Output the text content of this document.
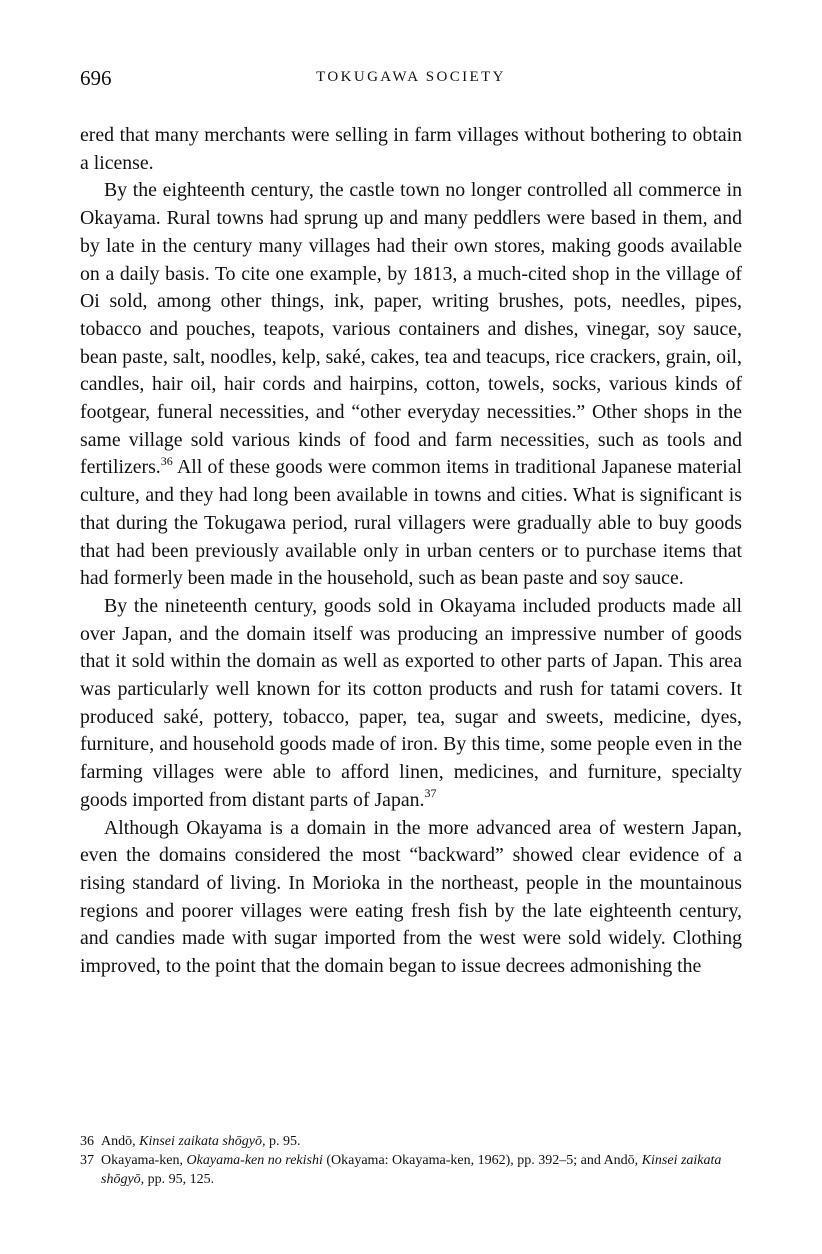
696	TOKUGAWA SOCIETY

ered that many merchants were selling in farm villages without bothering to obtain a license.

By the eighteenth century, the castle town no longer controlled all commerce in Okayama. Rural towns had sprung up and many peddlers were based in them, and by late in the century many villages had their own stores, making goods available on a daily basis. To cite one example, by 1813, a much-cited shop in the village of Oi sold, among other things, ink, paper, writing brushes, pots, needles, pipes, tobacco and pouches, teapots, various containers and dishes, vinegar, soy sauce, bean paste, salt, noodles, kelp, saké, cakes, tea and teacups, rice crackers, grain, oil, candles, hair oil, hair cords and hairpins, cotton, towels, socks, various kinds of footgear, funeral necessities, and “other everyday necessities.” Other shops in the same village sold various kinds of food and farm necessities, such as tools and fertilizers.$^{36}$ All of these goods were common items in traditional Japanese material culture, and they had long been available in towns and cities. What is significant is that during the Tokugawa period, rural villagers were gradually able to buy goods that had been previously available only in urban centers or to purchase items that had formerly been made in the household, such as bean paste and soy sauce.

By the nineteenth century, goods sold in Okayama included products made all over Japan, and the domain itself was producing an impressive number of goods that it sold within the domain as well as exported to other parts of Japan. This area was particularly well known for its cotton products and rush for tatami covers. It produced saké, pottery, tobacco, paper, tea, sugar and sweets, medicine, dyes, furniture, and household goods made of iron. By this time, some people even in the farming villages were able to afford linen, medicines, and furniture, specialty goods imported from distant parts of Japan.$^{37}$

Although Okayama is a domain in the more advanced area of western Japan, even the domains considered the most “backward” showed clear evidence of a rising standard of living. In Morioka in the northeast, people in the mountainous regions and poorer villages were eating fresh fish by the late eighteenth century, and candies made with sugar imported from the west were sold widely. Clothing improved, to the point that the domain began to issue decrees admonishing the

36 Andō, Kinsei zaikata shōgyō, p. 95.
37 Okayama-ken, Okayama-ken no rekishi (Okayama: Okayama-ken, 1962), pp. 392–5; and Andō, Kinsei zaikata shōgyō, pp. 95, 125.
